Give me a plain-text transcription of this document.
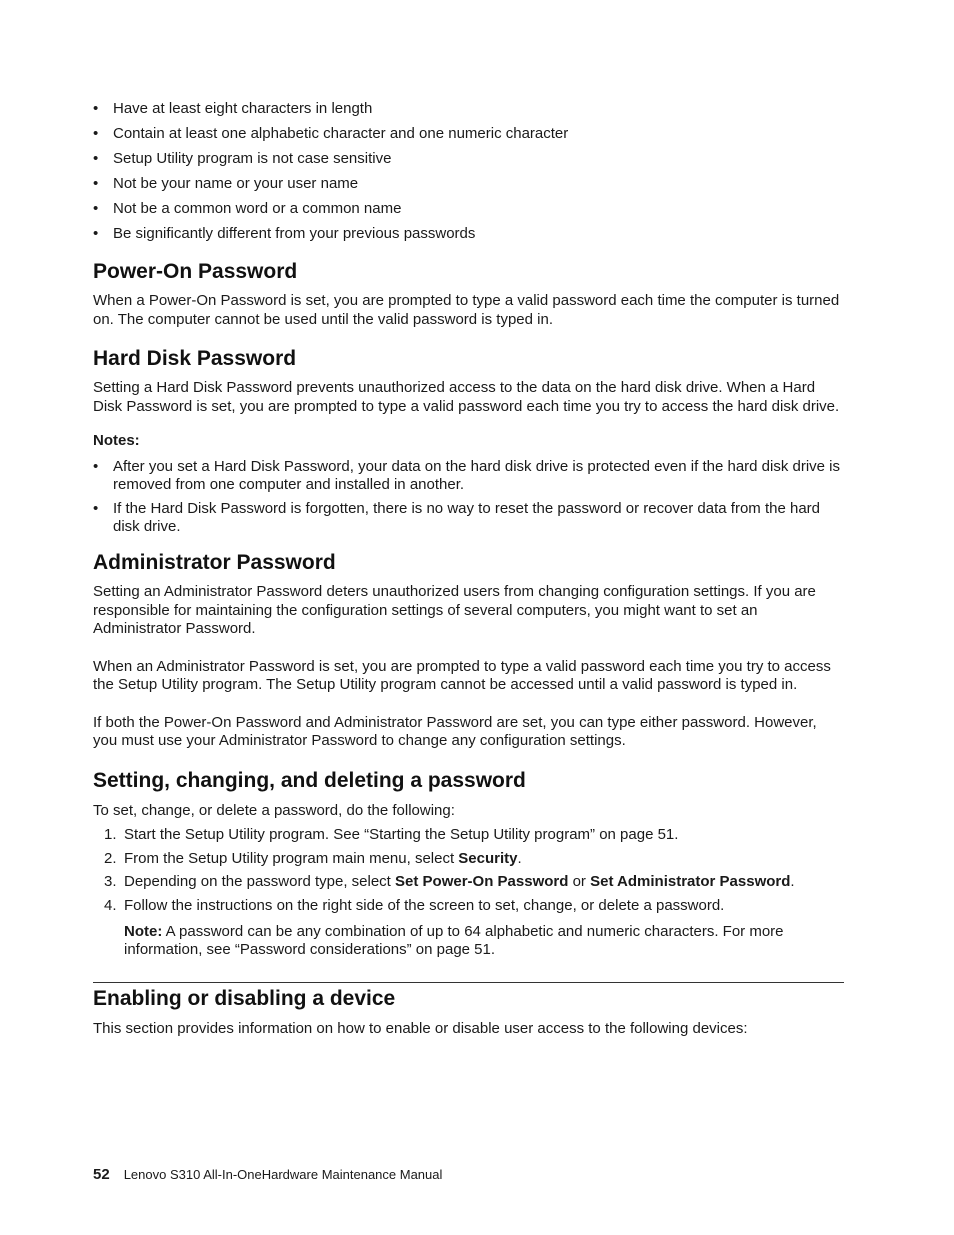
• Have at least eight characters in length
• Contain at least one alphabetic character and one numeric character
• Setup Utility program is not case sensitive
• Not be your name or your user name
• Not be a common word or a common name
• Be significantly different from your previous passwords
Power-On Password

When a Power-On Password is set, you are prompted to type a valid password each time the computer is turned on. The computer cannot be used until the valid password is typed in.

Hard Disk Password

Setting a Hard Disk Password prevents unauthorized access to the data on the hard disk drive. When a Hard Disk Password is set, you are prompted to type a valid password each time you try to access the hard disk drive.

Notes:
• After you set a Hard Disk Password, your data on the hard disk drive is protected even if the hard disk drive is removed from one computer and installed in another.
• If the Hard Disk Password is forgotten, there is no way to reset the password or recover data from the hard disk drive.
Administrator Password

Setting an Administrator Password deters unauthorized users from changing configuration settings. If you are responsible for maintaining the configuration settings of several computers, you might want to set an Administrator Password.

When an Administrator Password is set, you are prompted to type a valid password each time you try to access the Setup Utility program. The Setup Utility program cannot be accessed until a valid password is typed in.

If both the Power-On Password and Administrator Password are set, you can type either password. However, you must use your Administrator Password to change any configuration settings.

Setting, changing, and deleting a password

To set, change, or delete a password, do the following:

1. Start the Setup Utility program. See “Starting the Setup Utility program” on page 51.
2. From the Setup Utility program main menu, select Security.
3. Depending on the password type, select Set Power-On Password or Set Administrator Password.
4. Follow the instructions on the right side of the screen to set, change, or delete a password.
Note: A password can be any combination of up to 64 alphabetic and numeric characters. For more information, see “Password considerations” on page 51.
Enabling or disabling a device

This section provides information on how to enable or disable user access to the following devices:

52 Lenovo S310 All-In-OneHardware Maintenance Manual
